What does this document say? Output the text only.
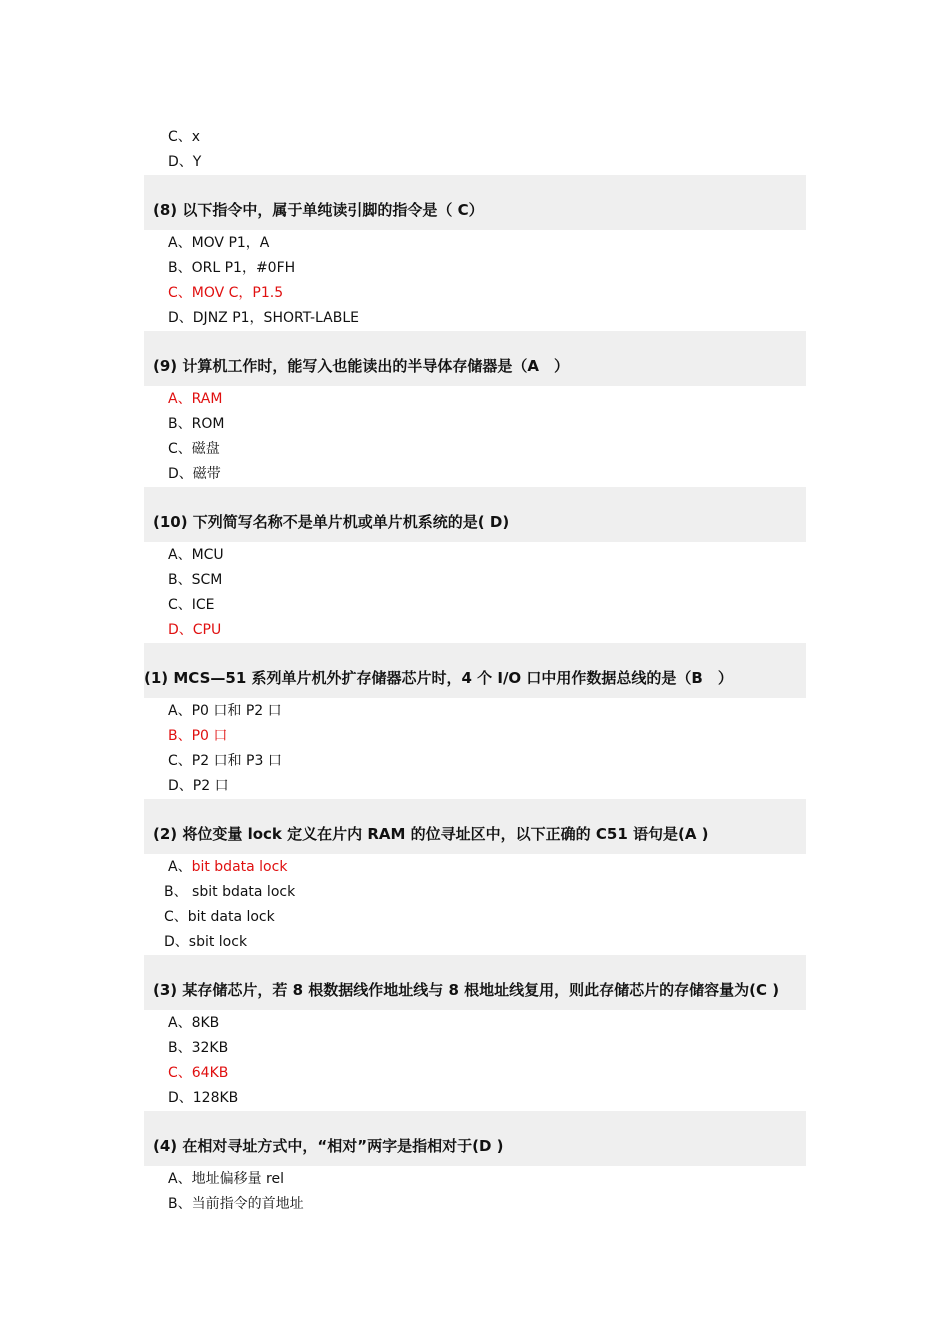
C、x
D、Y
(8) 以下指令中，属于单纯读引脚的指令是（ C）
A、MOV P1，A
B、ORL P1，#0FH
C、MOV C，P1.5
D、DJNZ P1，SHORT-LABLE
(9) 计算机工作时，能写入也能读出的半导体存储器是（A　）
A、RAM
B、ROM
C、磁盘
D、磁带
(10) 下列简写名称不是单片机或单片机系统的是( D)
A、MCU
B、SCM
C、ICE
D、CPU
(1) MCS—51 系列单片机外扩存储器芯片时，4 个 I/O 口中用作数据总线的是（B　）
A、P0 口和 P2 口
B、P0 口
C、P2 口和 P3 口
D、P2 口
(2) 将位变量 lock 定义在片内 RAM 的位寻址区中，以下正确的 C51 语句是(A )
A、bit bdata lock
B、 sbit bdata lock
C、bit data lock
D、sbit lock
(3) 某存储芯片，若 8 根数据线作地址线与 8 根地址线复用，则此存储芯片的存储容量为(C )
A、8KB
B、32KB
C、64KB
D、128KB
(4) 在相对寻址方式中，“相对”两字是指相对于(D )
A、地址偏移量 rel
B、当前指令的首地址
